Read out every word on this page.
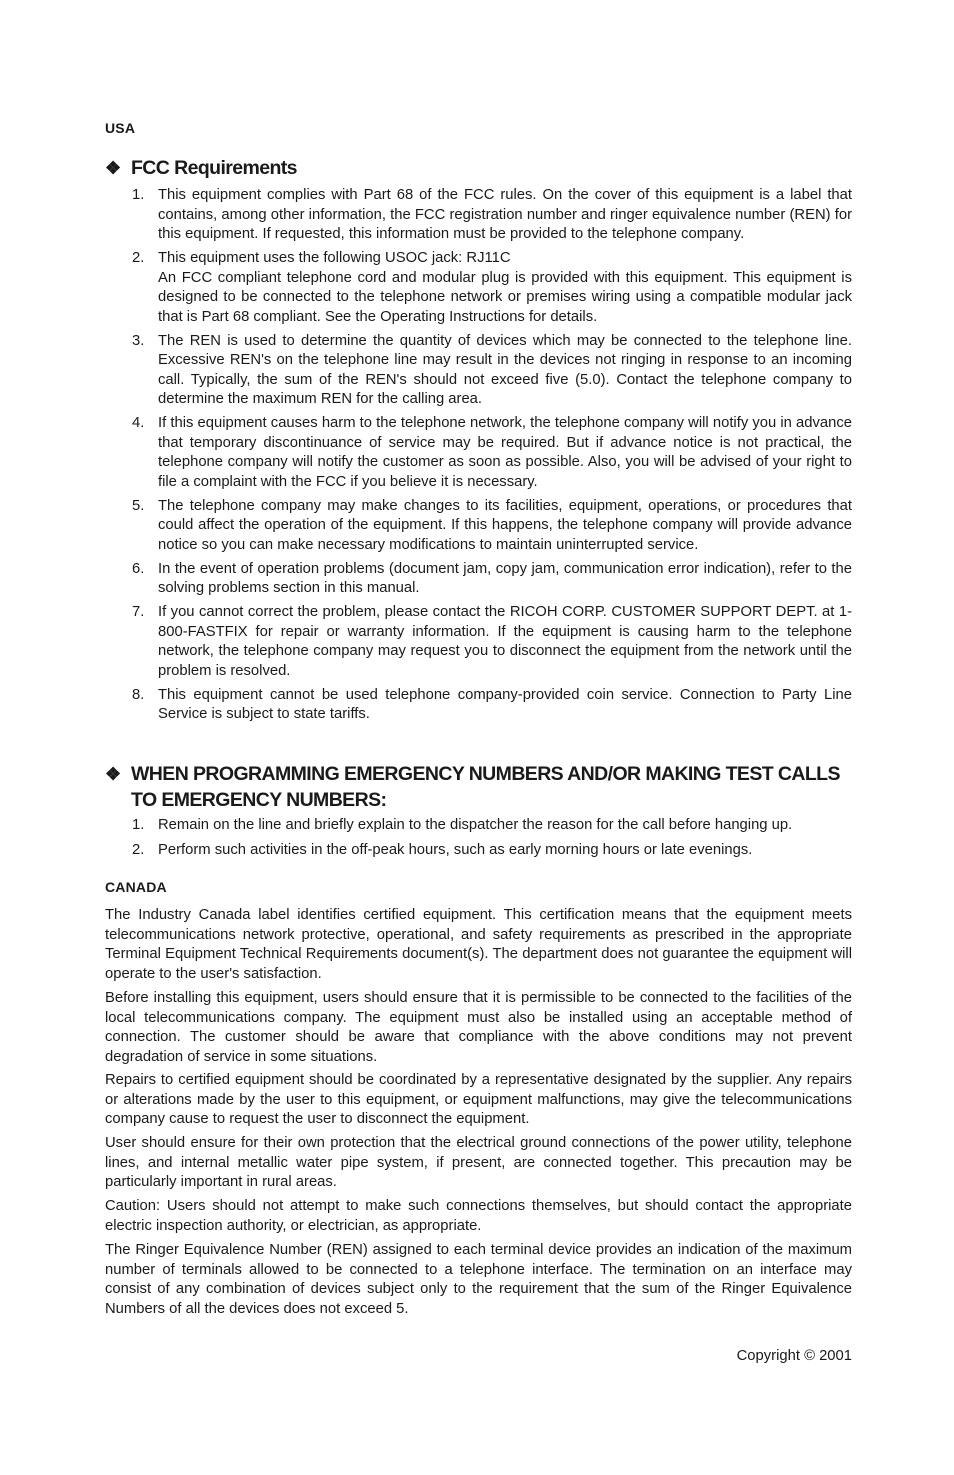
USA
❖ FCC Requirements
1. This equipment complies with Part 68 of the FCC rules. On the cover of this equipment is a label that contains, among other information, the FCC registration number and ringer equivalence number (REN) for this equipment. If requested, this information must be provided to the telephone company.
2. This equipment uses the following USOC jack: RJ11C
An FCC compliant telephone cord and modular plug is provided with this equipment. This equipment is designed to be connected to the telephone network or premises wiring using a compatible modular jack that is Part 68 compliant. See the Operating Instructions for details.
3. The REN is used to determine the quantity of devices which may be connected to the telephone line. Excessive REN's on the telephone line may result in the devices not ringing in response to an incoming call. Typically, the sum of the REN's should not exceed five (5.0). Contact the telephone company to determine the maximum REN for the calling area.
4. If this equipment causes harm to the telephone network, the telephone company will notify you in advance that temporary discontinuance of service may be required. But if advance notice is not practical, the telephone company will notify the customer as soon as possible. Also, you will be advised of your right to file a complaint with the FCC if you believe it is necessary.
5. The telephone company may make changes to its facilities, equipment, operations, or procedures that could affect the operation of the equipment. If this happens, the telephone company will provide advance notice so you can make necessary modifications to maintain uninterrupted service.
6. In the event of operation problems (document jam, copy jam, communication error indication), refer to the solving problems section in this manual.
7. If you cannot correct the problem, please contact the RICOH CORP. CUSTOMER SUPPORT DEPT. at 1-800-FASTFIX for repair or warranty information. If the equipment is causing harm to the telephone network, the telephone company may request you to disconnect the equipment from the network until the problem is resolved.
8. This equipment cannot be used telephone company-provided coin service. Connection to Party Line Service is subject to state tariffs.
❖ WHEN PROGRAMMING EMERGENCY NUMBERS AND/OR MAKING TEST CALLS TO EMERGENCY NUMBERS:
1. Remain on the line and briefly explain to the dispatcher the reason for the call before hanging up.
2. Perform such activities in the off-peak hours, such as early morning hours or late evenings.
CANADA

The Industry Canada label identifies certified equipment. This certification means that the equipment meets telecommunications network protective, operational, and safety requirements as prescribed in the appropriate Terminal Equipment Technical Requirements document(s). The department does not guarantee the equipment will operate to the user's satisfaction.

Before installing this equipment, users should ensure that it is permissible to be connected to the facilities of the local telecommunications company. The equipment must also be installed using an acceptable method of connection. The customer should be aware that compliance with the above conditions may not prevent degradation of service in some situations.

Repairs to certified equipment should be coordinated by a representative designated by the supplier. Any repairs or alterations made by the user to this equipment, or equipment malfunctions, may give the telecommunications company cause to request the user to disconnect the equipment.

User should ensure for their own protection that the electrical ground connections of the power utility, telephone lines, and internal metallic water pipe system, if present, are connected together. This precaution may be particularly important in rural areas.

Caution: Users should not attempt to make such connections themselves, but should contact the appropriate electric inspection authority, or electrician, as appropriate.

The Ringer Equivalence Number (REN) assigned to each terminal device provides an indication of the maximum number of terminals allowed to be connected to a telephone interface. The termination on an interface may consist of any combination of devices subject only to the requirement that the sum of the Ringer Equivalence Numbers of all the devices does not exceed 5.

Copyright © 2001
